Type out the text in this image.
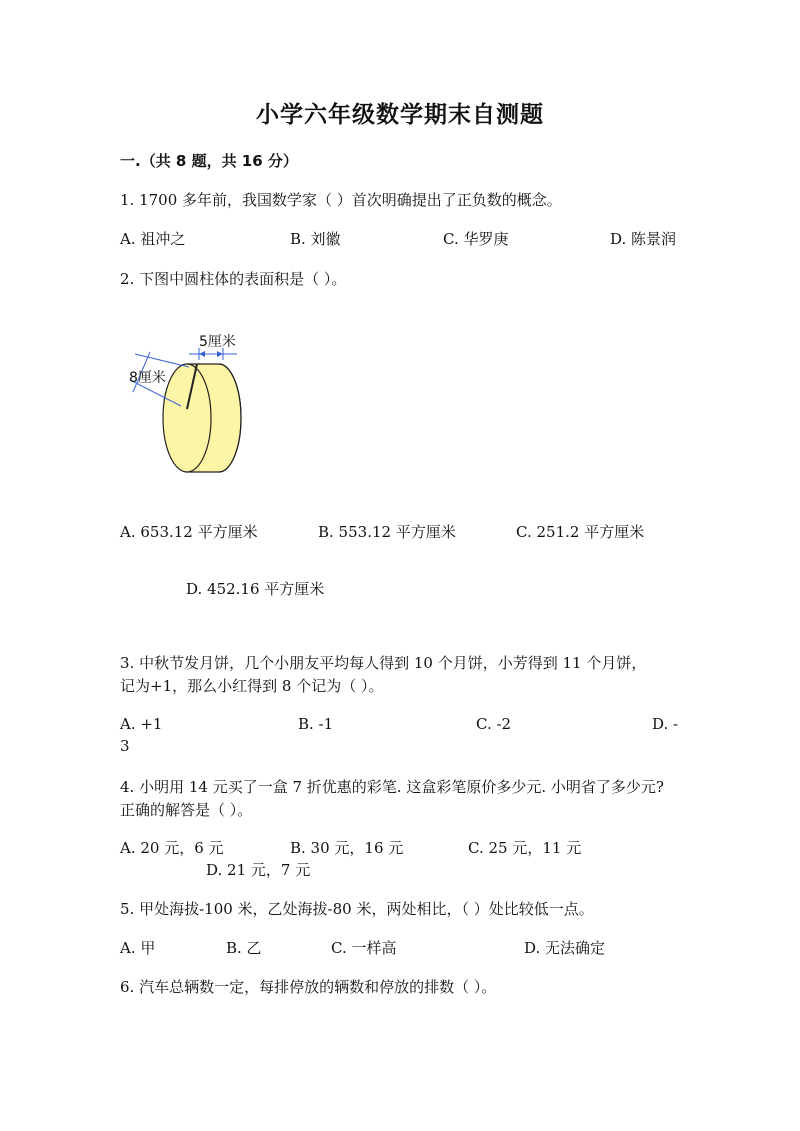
小学六年级数学期末自测题
一.（共 8 题，共 16 分）
1. 1700 多年前，我国数学家（ ）首次明确提出了正负数的概念。
A. 祖冲之	B. 刘徽	C. 华罗庚	D. 陈景润
2. 下图中圆柱体的表面积是（ ）。
5厘米
8厘米
A. 653.12 平方厘米	B. 553.12 平方厘米	C. 251.2 平方厘米
D. 452.16 平方厘米
3. 中秋节发月饼，几个小朋友平均每人得到 10 个月饼，小芳得到 11 个月饼，
记为+1，那么小红得到 8 个记为（ ）。
A. +1	B. -1	C. -2	D. -
3
4. 小明用 14 元买了一盒 7 折优惠的彩笔. 这盒彩笔原价多少元. 小明省了多少元?
正确的解答是（ ）。
A. 20 元，6 元	B. 30 元，16 元	C. 25 元，11 元
D. 21 元，7 元
5. 甲处海拔-100 米，乙处海拔-80 米，两处相比，（ ）处比较低一点。
A. 甲	B. 乙	C. 一样高	D. 无法确定
6. 汽车总辆数一定，每排停放的辆数和停放的排数（ ）。
